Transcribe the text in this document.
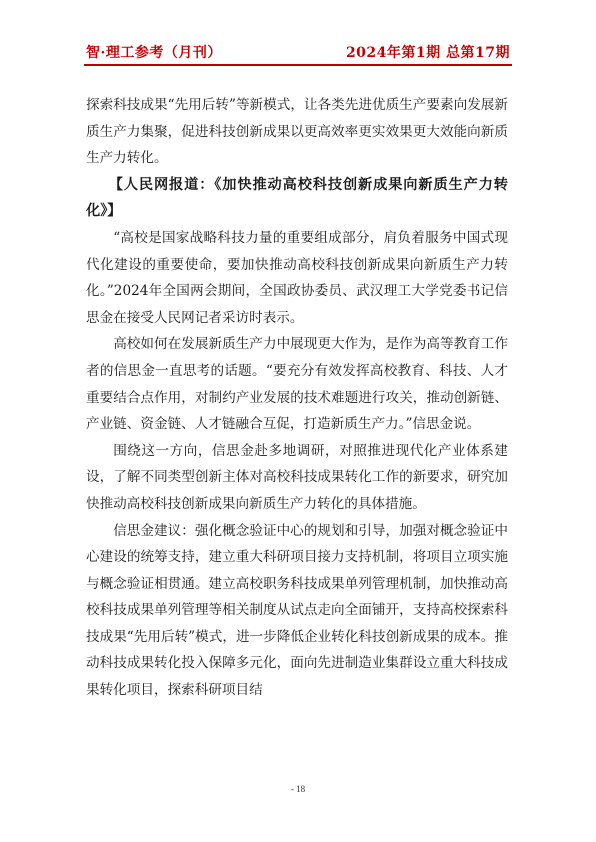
智·理工参考（月刊）	2024年第1期 总第17期

探索科技成果“先用后转”等新模式，让各类先进优质生产要素向发展新质生产力集聚，促进科技创新成果以更高效率更实效果更大效能向新质生产力转化。

【人民网报道：《加快推动高校科技创新成果向新质生产力转化》】

“高校是国家战略科技力量的重要组成部分，肩负着服务中国式现代化建设的重要使命，要加快推动高校科技创新成果向新质生产力转化。”2024年全国两会期间，全国政协委员、武汉理工大学党委书记信思金在接受人民网记者采访时表示。

高校如何在发展新质生产力中展现更大作为，是作为高等教育工作者的信思金一直思考的话题。“要充分有效发挥高校教育、科技、人才重要结合点作用，对制约产业发展的技术难题进行攻关，推动创新链、产业链、资金链、人才链融合互促，打造新质生产力。”信思金说。

围绕这一方向，信思金赴多地调研，对照推进现代化产业体系建设，了解不同类型创新主体对高校科技成果转化工作的新要求，研究加快推动高校科技创新成果向新质生产力转化的具体措施。

信思金建议：强化概念验证中心的规划和引导，加强对概念验证中心建设的统筹支持，建立重大科研项目接力支持机制，将项目立项实施与概念验证相贯通。建立高校职务科技成果单列管理机制，加快推动高校科技成果单列管理等相关制度从试点走向全面铺开，支持高校探索科技成果“先用后转”模式，进一步降低企业转化科技创新成果的成本。推动科技成果转化投入保障多元化，面向先进制造业集群设立重大科技成果转化项目，探索科研项目结

- 18
